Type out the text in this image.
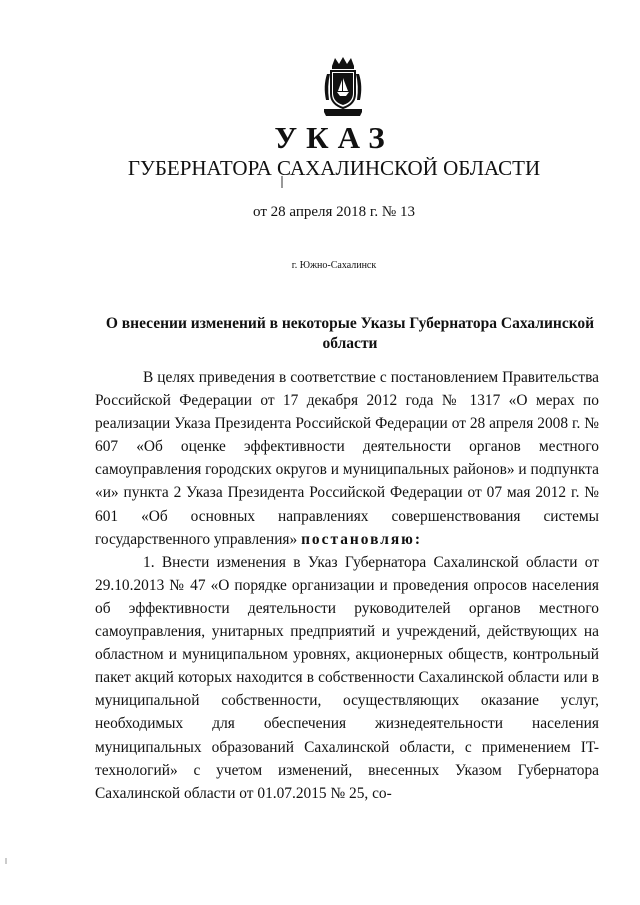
УКАЗ
ГУБЕРНАТОРА САХАЛИНСКОЙ ОБЛАСТИ
от 28 апреля 2018 г. № 13
г. Южно-Сахалинск
О внесении изменений в некоторые Указы Губернатора Сахалинской области

В целях приведения в соответствие с постановлением Правительства Российской Федерации от 17 декабря 2012 года № 1317 «О мерах по реализации Указа Президента Российской Федерации от 28 апреля 2008 г. № 607 «Об оценке эффективности деятельности органов местного самоуправления городских округов и муниципальных районов» и подпункта «и» пункта 2 Указа Президента Российской Федерации от 07 мая 2012 г. № 601 «Об основных направлениях совершенствования системы государственного управления» постановляю:

1. Внести изменения в Указ Губернатора Сахалинской области от 29.10.2013 № 47 «О порядке организации и проведения опросов населения об эффективности деятельности руководителей органов местного самоуправления, унитарных предприятий и учреждений, действующих на областном и муниципальном уровнях, акционерных обществ, контрольный пакет акций которых находится в собственности Сахалинской области или в муниципальной собственности, осуществляющих оказание услуг, необходимых для обеспечения жизнедеятельности населения муниципальных образований Сахалинской области, с применением IT-технологий» с учетом изменений, внесенных Указом Губернатора Сахалинской области от 01.07.2015 № 25, со-
